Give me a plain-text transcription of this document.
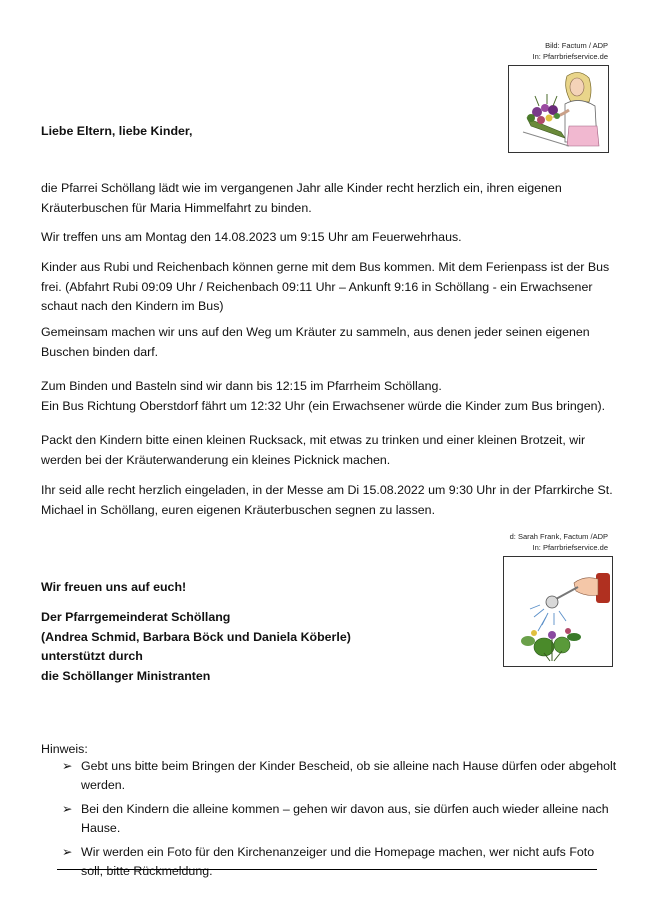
Bild: Factum / ADP
In: Pfarrbriefservice.de
Liebe Eltern, liebe Kinder,

die Pfarrei Schöllang lädt wie im vergangenen Jahr alle Kinder recht herzlich ein, ihren eigenen Kräuterbuschen für Maria Himmelfahrt zu binden.

Wir treffen uns am Montag den 14.08.2023 um 9:15 Uhr am Feuerwehrhaus.

Kinder aus Rubi und Reichenbach können gerne mit dem Bus kommen. Mit dem Ferienpass ist der Bus frei. (Abfahrt Rubi 09:09 Uhr / Reichenbach 09:11 Uhr – Ankunft 9:16 in Schöllang - ein Erwachsener schaut nach den Kindern im Bus)

Gemeinsam machen wir uns auf den Weg um Kräuter zu sammeln, aus denen jeder seinen eigenen Buschen binden darf.

Zum Binden und Basteln sind wir dann bis 12:15 im Pfarrheim Schöllang.
Ein Bus Richtung Oberstdorf fährt um 12:32 Uhr (ein Erwachsener würde die Kinder zum Bus bringen).

Packt den Kindern bitte einen kleinen Rucksack, mit etwas zu trinken und einer kleinen Brotzeit, wir werden bei der Kräuterwanderung ein kleines Picknick machen.

Ihr seid alle recht herzlich eingeladen, in der Messe am Di 15.08.2022 um 9:30 Uhr in der Pfarrkirche St. Michael in Schöllang, euren eigenen Kräuterbuschen segnen zu lassen.

d: Sarah Frank, Factum /ADP
In: Pfarrbriefservice.de
Wir freuen uns auf euch!
Der Pfarrgemeinderat Schöllang
(Andrea Schmid, Barbara Böck und Daniela Köberle)
unterstützt durch
die Schöllanger Ministranten
Hinweis:
➢ Gebt uns bitte beim Bringen der Kinder Bescheid, ob sie alleine nach Hause dürfen oder abgeholt werden.
➢ Bei den Kindern die alleine kommen – gehen wir davon aus, sie dürfen auch wieder alleine nach Hause.
➢ Wir werden ein Foto für den Kirchenanzeiger und die Homepage machen, wer nicht aufs Foto soll, bitte Rückmeldung.
